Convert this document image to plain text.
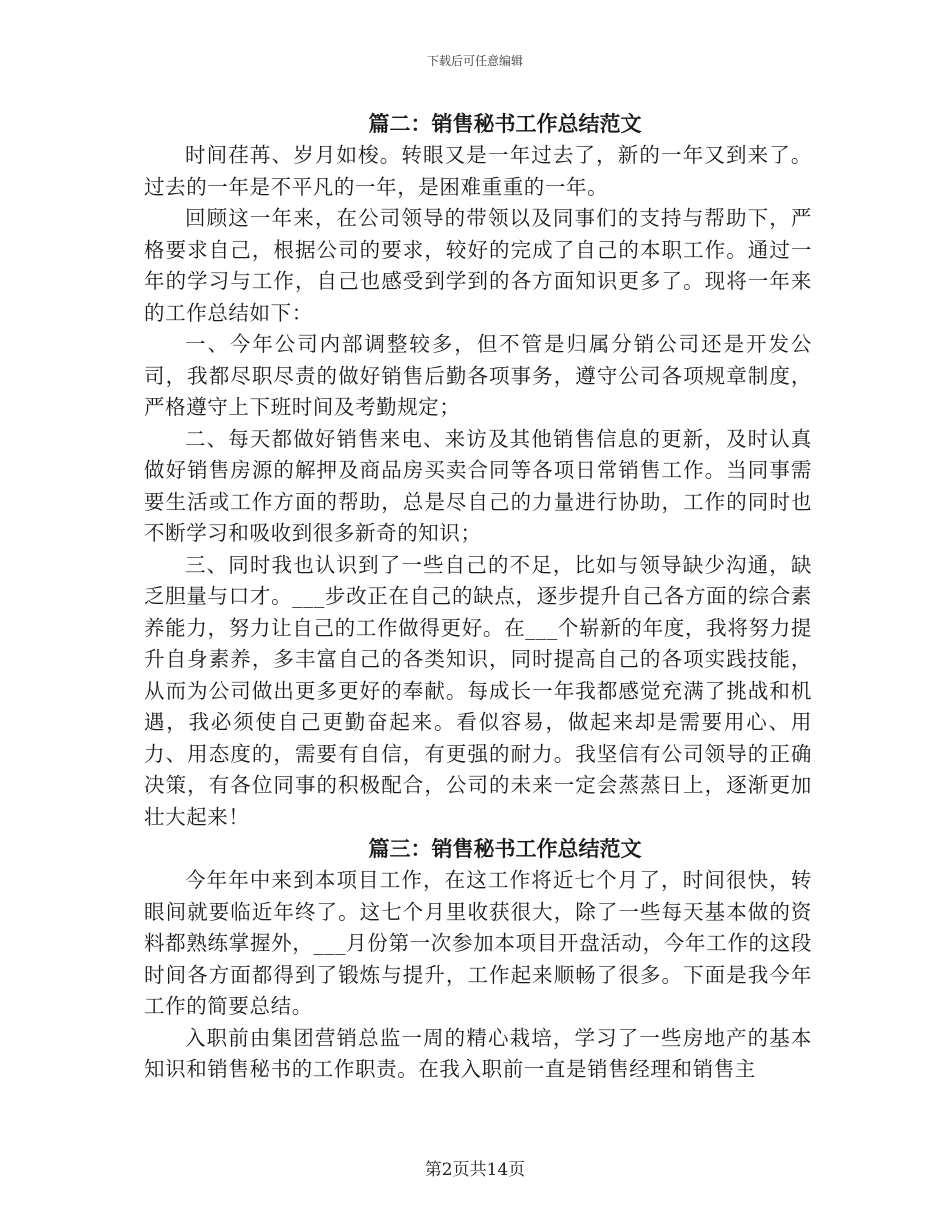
下载后可任意编辑
篇二：销售秘书工作总结范文

时间荏苒、岁月如梭。转眼又是一年过去了，新的一年又到来了。过去的一年是不平凡的一年，是困难重重的一年。

回顾这一年来，在公司领导的带领以及同事们的支持与帮助下，严格要求自己，根据公司的要求，较好的完成了自己的本职工作。通过一年的学习与工作，自己也感受到学到的各方面知识更多了。现将一年来的工作总结如下：

一、今年公司内部调整较多，但不管是归属分销公司还是开发公司，我都尽职尽责的做好销售后勤各项事务，遵守公司各项规章制度，严格遵守上下班时间及考勤规定；

二、每天都做好销售来电、来访及其他销售信息的更新，及时认真做好销售房源的解押及商品房买卖合同等各项日常销售工作。当同事需要生活或工作方面的帮助，总是尽自己的力量进行协助，工作的同时也不断学习和吸收到很多新奇的知识；

三、同时我也认识到了一些自己的不足，比如与领导缺少沟通，缺乏胆量与口才。___步改正在自己的缺点，逐步提升自己各方面的综合素养能力，努力让自己的工作做得更好。在___个崭新的年度，我将努力提升自身素养，多丰富自己的各类知识，同时提高自己的各项实践技能，从而为公司做出更多更好的奉献。每成长一年我都感觉充满了挑战和机遇，我必须使自己更勤奋起来。看似容易，做起来却是需要用心、用力、用态度的，需要有自信，有更强的耐力。我坚信有公司领导的正确决策，有各位同事的积极配合，公司的未来一定会蒸蒸日上，逐渐更加壮大起来！

篇三：销售秘书工作总结范文

今年年中来到本项目工作，在这工作将近七个月了，时间很快，转眼间就要临近年终了。这七个月里收获很大，除了一些每天基本做的资料都熟练掌握外，___月份第一次参加本项目开盘活动，今年工作的这段时间各方面都得到了锻炼与提升，工作起来顺畅了很多。下面是我今年工作的简要总结。

入职前由集团营销总监一周的精心栽培，学习了一些房地产的基本知识和销售秘书的工作职责。在我入职前一直是销售经理和销售主

第2页共14页
